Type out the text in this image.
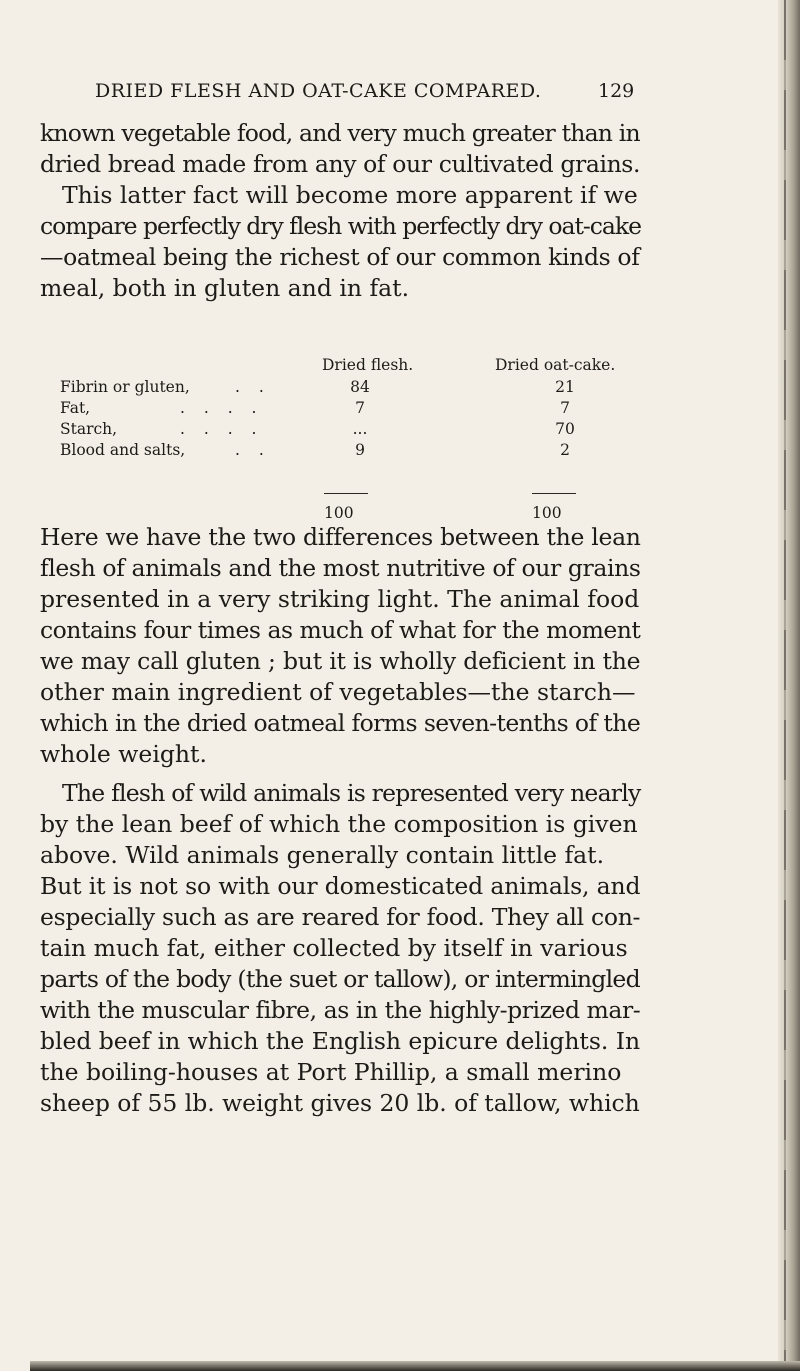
DRIED FLESH AND OAT-CAKE COMPARED.	129
known vegetable food, and very much greater than in
dried bread made from any of our cultivated grains.
This latter fact will become more apparent if we
compare perfectly dry flesh with perfectly dry oat-cake
—oatmeal being the richest of our common kinds of
meal, both in gluten and in fat.
Dried flesh.	Dried oat-cake.
Fibrin or gluten,	. .	84	21
Fat,	. . . .	7	7
Starch,	. . . .	...	70
Blood and salts,	. .	9	2
100	100
Here we have the two differences between the lean
flesh of animals and the most nutritive of our grains
presented in a very striking light. The animal food
contains four times as much of what for the moment
we may call gluten ; but it is wholly deficient in the
other main ingredient of vegetables—the starch—
which in the dried oatmeal forms seven-tenths of the
whole weight.
The flesh of wild animals is represented very nearly
by the lean beef of which the composition is given
above. Wild animals generally contain little fat.
But it is not so with our domesticated animals, and
especially such as are reared for food. They all con-
tain much fat, either collected by itself in various
parts of the body (the suet or tallow), or intermingled
with the muscular fibre, as in the highly-prized mar-
bled beef in which the English epicure delights. In
the boiling-houses at Port Phillip, a small merino
sheep of 55 lb. weight gives 20 lb. of tallow, which
